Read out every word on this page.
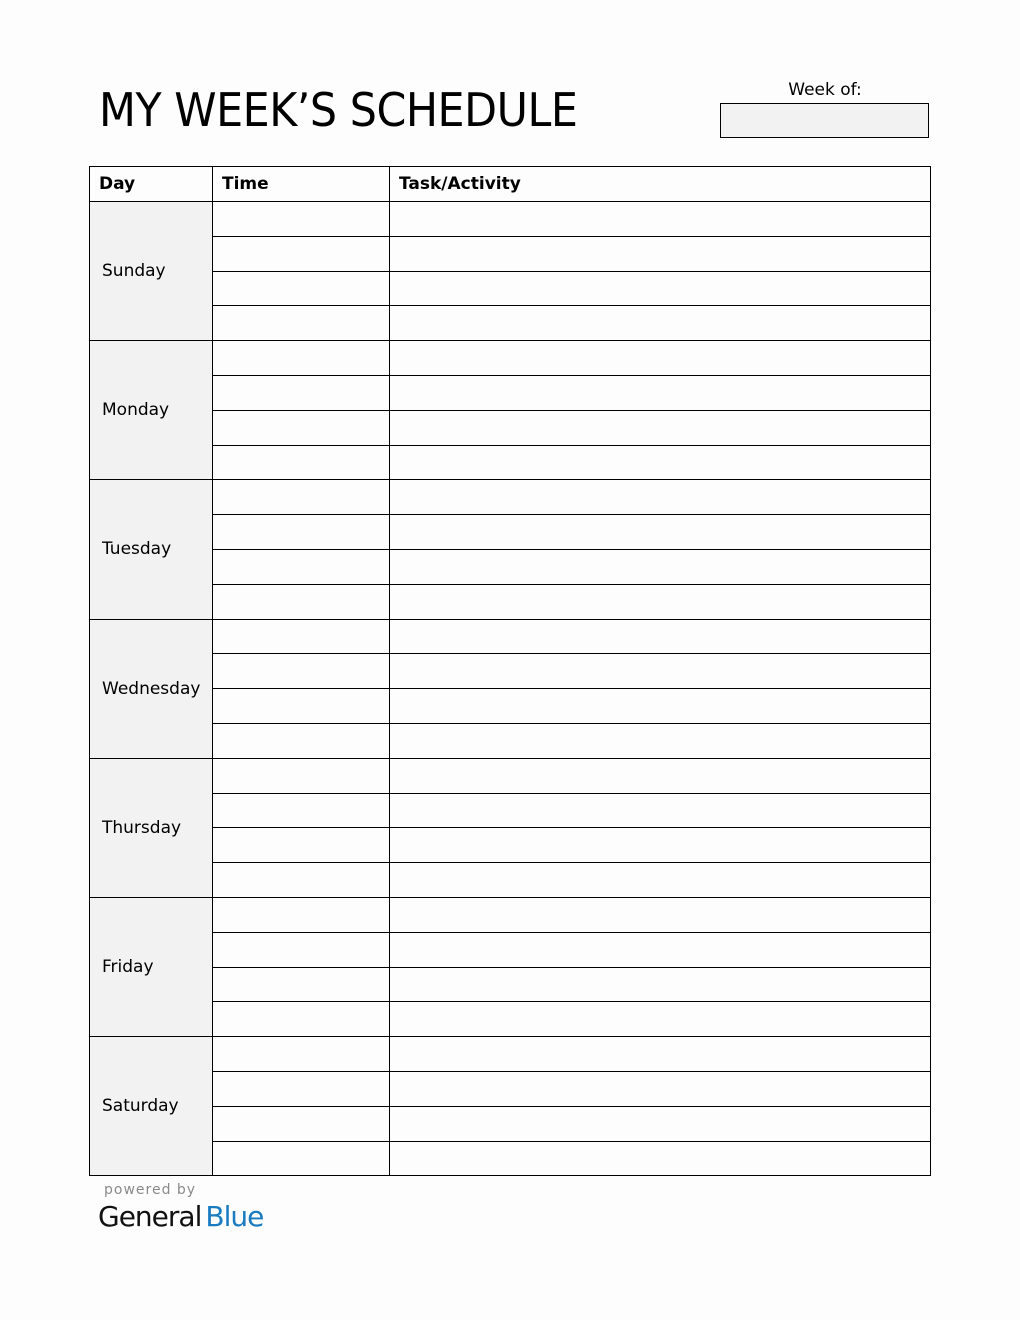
MY WEEK’S SCHEDULE	Week of:
Day	Time	Task/Activity
Sunday		

Monday		

Tuesday		

Wednesday		

Thursday		

Friday		

Saturday		

powered by
General Blue
